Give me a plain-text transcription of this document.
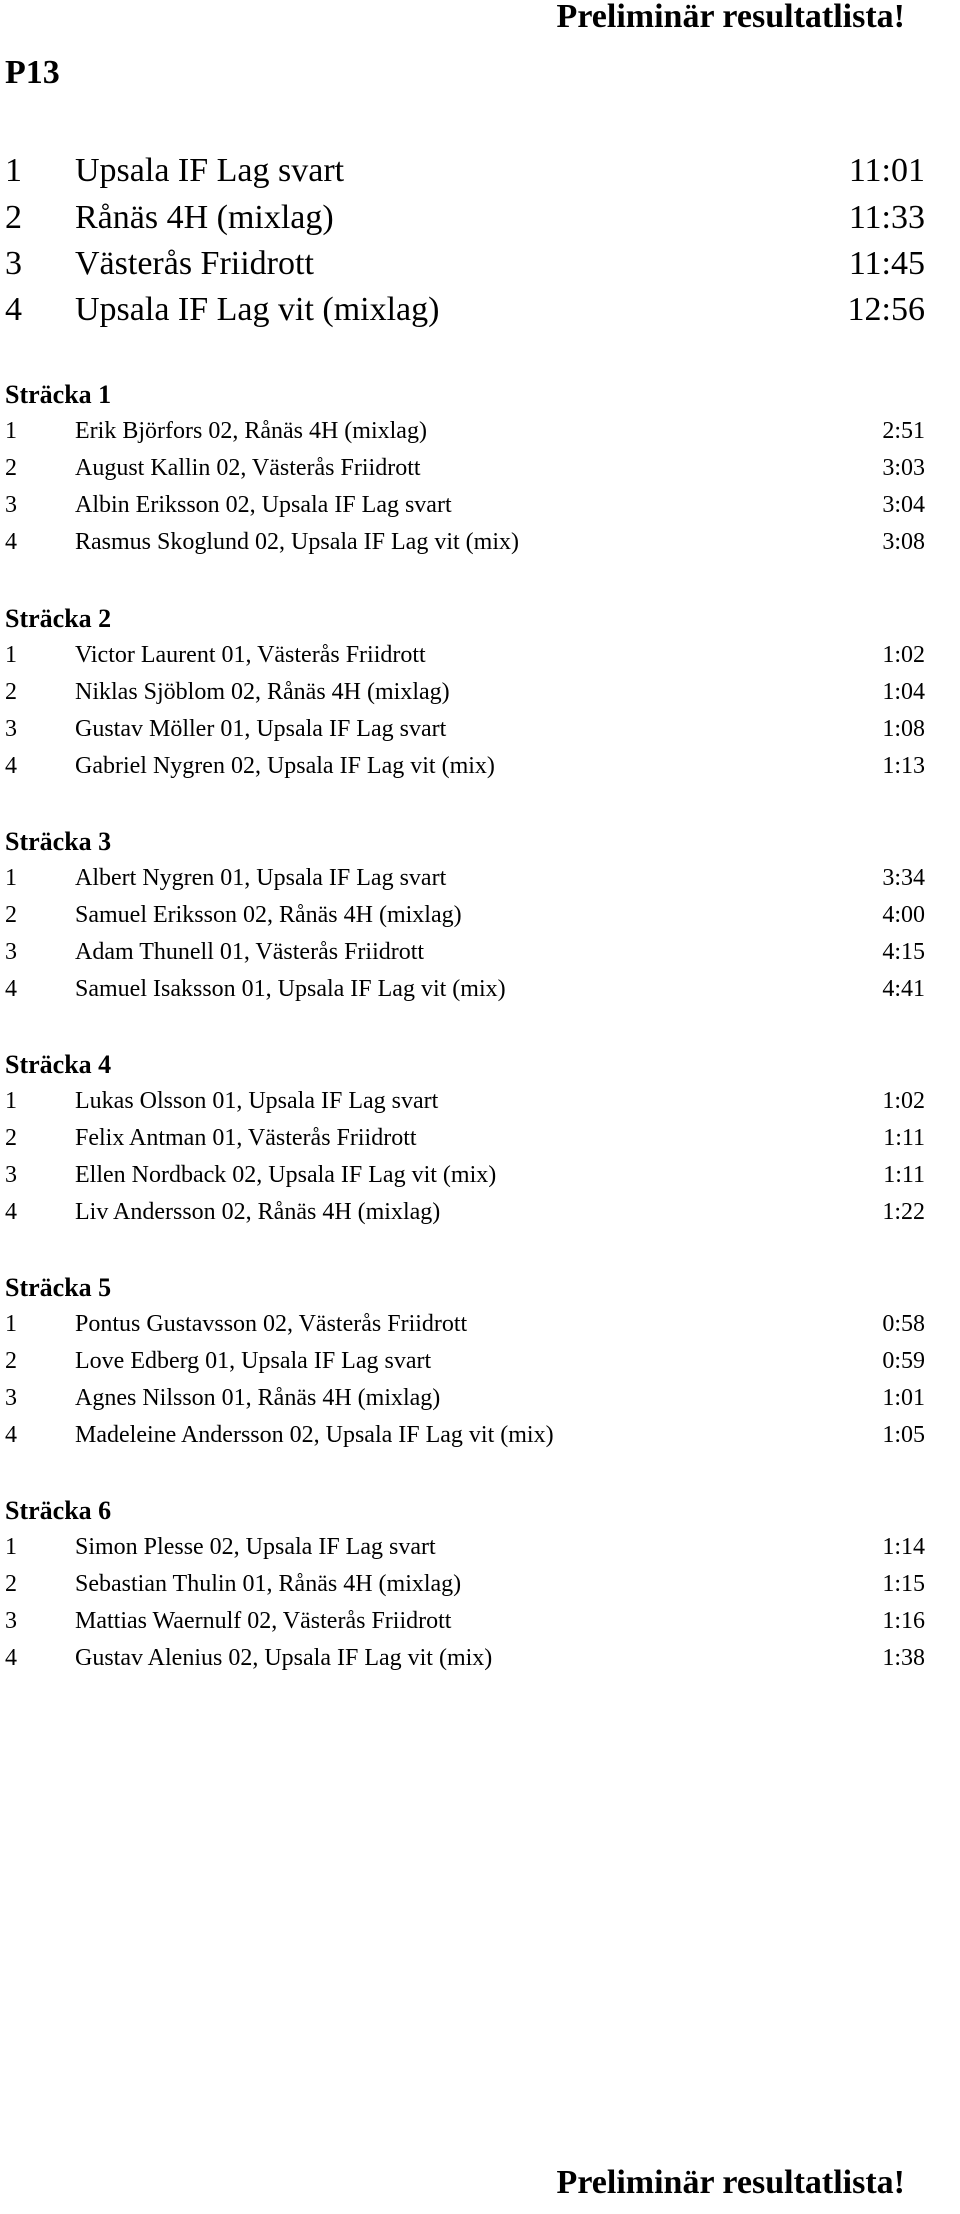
Preliminär resultatlista!
P13
1 Upsala IF Lag svart	11:01
2 Rånäs 4H (mixlag)	11:33
3 Västerås Friidrott	11:45
4 Upsala IF Lag vit (mixlag)	12:56
Sträcka 1
1 Erik Björfors 02, Rånäs 4H (mixlag)	2:51
2 August Kallin 02, Västerås Friidrott	3:03
3 Albin Eriksson 02, Upsala IF Lag svart	3:04
4 Rasmus Skoglund 02, Upsala IF Lag vit (mix)	3:08
Sträcka 2
1 Victor Laurent 01, Västerås Friidrott	1:02
2 Niklas Sjöblom 02, Rånäs 4H (mixlag)	1:04
3 Gustav Möller 01, Upsala IF Lag svart	1:08
4 Gabriel Nygren 02, Upsala IF Lag vit (mix)	1:13
Sträcka 3
1 Albert Nygren 01, Upsala IF Lag svart	3:34
2 Samuel Eriksson 02, Rånäs 4H (mixlag)	4:00
3 Adam Thunell 01, Västerås Friidrott	4:15
4 Samuel Isaksson 01, Upsala IF Lag vit (mix)	4:41
Sträcka 4
1 Lukas Olsson 01, Upsala IF Lag svart	1:02
2 Felix Antman 01, Västerås Friidrott	1:11
3 Ellen Nordback 02, Upsala IF Lag vit (mix)	1:11
4 Liv Andersson 02, Rånäs 4H (mixlag)	1:22
Sträcka 5
1 Pontus Gustavsson 02, Västerås Friidrott	0:58
2 Love Edberg 01, Upsala IF Lag svart	0:59
3 Agnes Nilsson 01, Rånäs 4H (mixlag)	1:01
4 Madeleine Andersson 02, Upsala IF Lag vit (mix)	1:05
Sträcka 6
1 Simon Plesse 02, Upsala IF Lag svart	1:14
2 Sebastian Thulin 01, Rånäs 4H (mixlag)	1:15
3 Mattias Waernulf 02, Västerås Friidrott	1:16
4 Gustav Alenius 02, Upsala IF Lag vit (mix)	1:38
Preliminär resultatlista!
